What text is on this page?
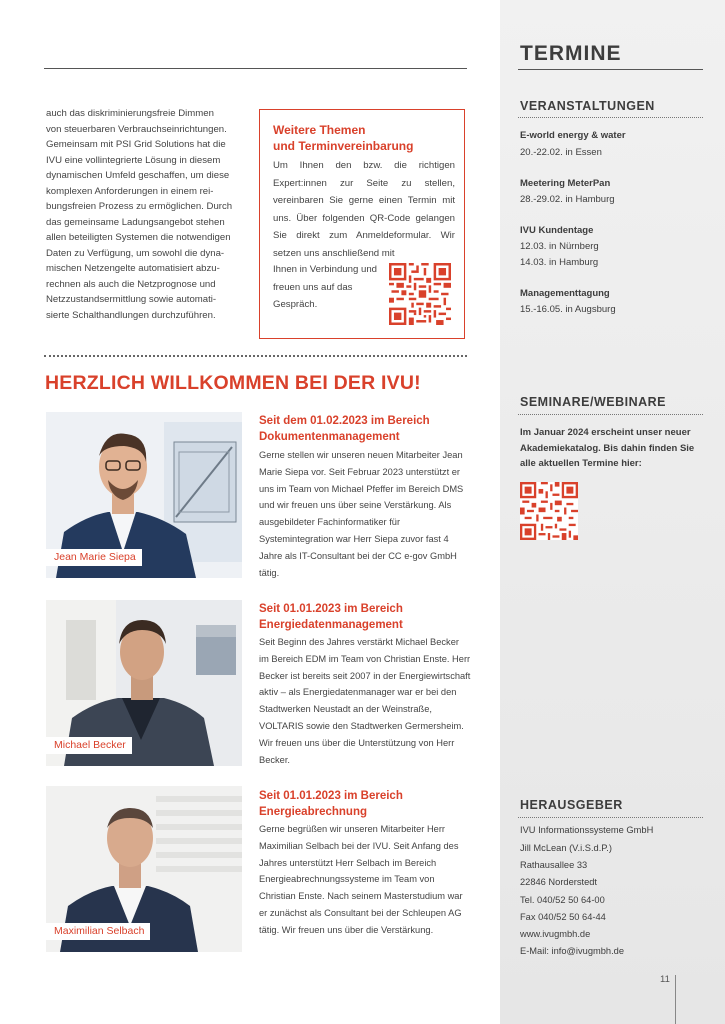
auch das diskriminierungsfreie Dimmen

von steuerbaren Verbrauchseinrichtungen.

Gemeinsam mit PSI Grid Solutions hat die

IVU eine vollintegrierte Lösung in diesem

dynamischen Umfeld geschaffen, um diese

komplexen Anforderungen in einem rei-

bungsfreien Prozess zu ermöglichen. Durch

das gemeinsame Ladungsangebot stehen

allen beteiligten Systemen die notwendigen

Daten zu Verfügung, um sowohl die dyna-

mischen Netzengelte automatisiert abzu-

rechnen als auch die Netzprognose und

Netzzustandsermittlung sowie automati-

sierte Schalthandlungen durchzuführen.

Weitere Themen
und Terminvereinbarung
Um Ihnen den bzw. die richtigen Expert:innen zur Seite zu stellen, vereinbaren Sie gerne einen Termin mit uns. Über folgenden QR-Code gelangen Sie direkt zum Anmeldeformular. Wir setzen uns anschließend mit
Ihnen in Verbindung und freuen uns auf das Gespräch.
HERZLICH WILLKOMMEN BEI DER IVU!
Jean Marie Siepa
Seit dem 01.02.2023 im Bereich
Dokumentenmanagement
Gerne stellen wir unseren neuen Mitarbeiter Jean Marie Siepa vor. Seit Februar 2023 unterstützt er uns im Team von Michael Pfeffer im Bereich DMS und wir freuen uns über seine Verstärkung. Als ausgebildeter Fachinformatiker für Systemintegration war Herr Siepa zuvor fast 4 Jahre als IT-Consultant bei der CC e-gov GmbH tätig.
Michael Becker
Seit 01.01.2023 im Bereich
Energiedatenmanagement
Seit Beginn des Jahres verstärkt Michael Becker im Bereich EDM im Team von Christian Enste. Herr Becker ist bereits seit 2007 in der Energiewirtschaft aktiv – als Energiedatenmanager war er bei den Stadtwerken Neustadt an der Weinstraße, VOLTARIS sowie den Stadtwerken Germersheim. Wir freuen uns über die Unterstützung von Herr Becker.
Maximilian Selbach
Seit 01.01.2023 im Bereich
Energieabrechnung
Gerne begrüßen wir unseren Mitarbeiter Herr Maximilian Selbach bei der IVU. Seit Anfang des Jahres unterstützt Herr Selbach im Bereich Energieabrechnungssysteme im Team von Christian Enste. Nach seinem Masterstudium war er zunächst als Consultant bei der Schleupen AG tätig. Wir freuen uns über die Verstärkung.
TERMINE
VERANSTALTUNGEN
E-world energy & water
20.-22.02. in Essen
Meetering MeterPan
28.-29.02. in Hamburg
IVU Kundentage
12.03. in Nürnberg
14.03. in Hamburg
Managementtagung
15.-16.05. in Augsburg
SEMINARE/WEBINARE
Im Januar 2024 erscheint unser neuer Akademiekatalog. Bis dahin finden Sie alle aktuellen Termine hier:
HERAUSGEBER
IVU Informationssysteme GmbH
Jill McLean (V.i.S.d.P.)
Rathausallee 33
22846 Norderstedt
Tel. 040/52 50 64-00
Fax 040/52 50 64-44
www.ivugmbh.de
E-Mail: info@ivugmbh.de
11
